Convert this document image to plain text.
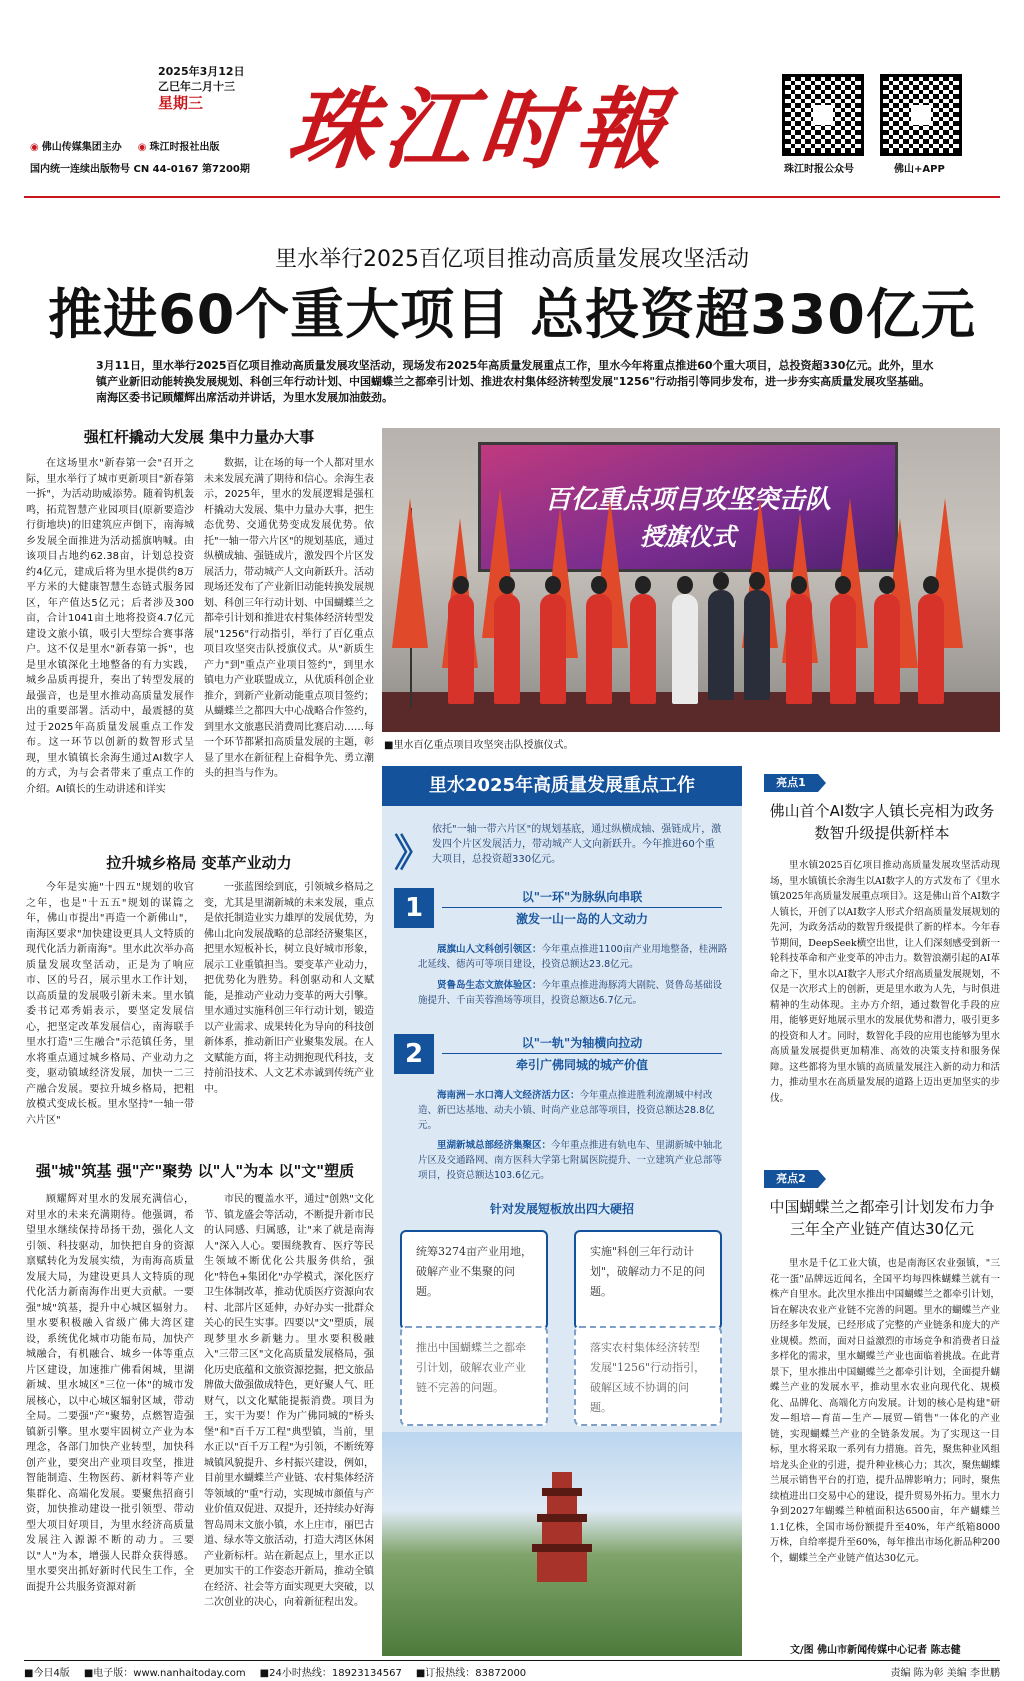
2025年3月12日
乙巳年二月十三
星期三
◉ 佛山传媒集团主办
◉	珠江时报社出版
国内统一连续出版物号 CN 44-0167 第7200期 珠江时報	珠江时报公众号	佛山+APP
里水举行2025百亿项目推动高质量发展攻坚活动
推进60个重大项目 总投资超330亿元
3月11日，里水举行2025百亿项目推动高质量发展攻坚活动，现场发布2025年高质量发展重点工作，里水今年将重点推进60个重大项目，总投资超330亿元。此外，里水镇产业新旧动能转换发展规划、科创三年行动计划、中国蝴蝶兰之都牵引计划、推进农村集体经济转型发展"1256"行动指引等同步发布，进一步夯实高质量发展攻坚基础。南海区委书记顾耀辉出席活动并讲话，为里水发展加油鼓劲。
强杠杆撬动大发展 集中力量办大事
在这场里水"新春第一会"召开之际，里水举行了城市更新项目"新春第一拆"，为活动助威添势。随着钩机轰鸣，拓荒智慧产业园项目(原新要造沙行街地块)的旧建筑应声倒下，南海城乡发展全面推进为活动摇旗呐喊。由该项目占地约62.38亩，计划总投资约4亿元，建成后将为里水提供约8万平方米的大健康智慧生态链式服务园区，年产值达5亿元；后者涉及300亩，合计1041亩土地将投资4.7亿元建设文旅小镇，吸引大型综合赛事落户。这不仅是里水"新春第一拆"，也是里水镇深化土地整备的有力实践，城乡品质再提升，奏出了转型发展的最强音，也是里水推动高质量发展作出的重要部署。活动中，最震撼的莫过于2025年高质量发展重点工作发布。这一环节以创新的数智形式呈现，里水镇镇长余海生通过AI数字人的方式，为与会者带来了重点工作的介绍。AI镇长的生动讲述和详实
数据，让在场的每一个人都对里水未来发展充满了期待和信心。余海生表示，2025年，里水的发展逻辑是强杠杆撬动大发展、集中力量办大事，把生态优势、交通优势变成发展优势。依托"一轴一带六片区"的规划基底，通过纵横成轴、强链成片，激发四个片区发展活力，带动城产人文向新跃升。活动现场还发布了产业新旧动能转换发展规划、科创三年行动计划、中国蝴蝶兰之都牵引计划和推进农村集体经济转型发展"1256"行动指引，举行了百亿重点项目攻坚突击队授旗仪式。从"新质生产力"到"重点产业项目签约"，到里水镇电力产业联盟成立，从优质科创企业推介，到新产业新动能重点项目签约；从蝴蝶兰之都四大中心战略合作签约，到里水文旅惠民消费周比赛启动……每一个环节都紧扣高质量发展的主题，彰显了里水在新征程上奋楫争先、勇立潮头的担当与作为。
拉升城乡格局 变革产业动力
今年是实施"十四五"规划的收官之年，也是"十五五"规划的谋篇之年，佛山市提出"再造一个新佛山"，南海区要求"加快建设更具人文特质的现代化活力新南海"。里水此次举办高质量发展攻坚活动，正是为了响应市、区的号召，展示里水工作计划，以高质量的发展吸引新未来。里水镇委书记邓秀娟表示，要坚定发展信心，把坚定改革发展信心，南海联手里水打造"三生融合"示范镇任务，里水将重点通过城乡格局、产业动力之变，驱动镇域经济发展，加快一二三产融合发展。要拉升城乡格局，把粗放模式变成长板。里水坚持"一轴一带六片区"
一张蓝图绘到底，引领城乡格局之变，尤其是里湖新城的未来发展，重点是依托制造业实力雄厚的发展优势，为佛山北向发展战略的总部经济聚集区，把里水短板补长，树立良好城市形象，展示工业重镇担当。要变革产业动力，把优势化为胜势。科创驱动和人文赋能，是推动产业动力变革的两大引擎。里水通过实施科创三年行动计划，锻造以产业需求、成果转化为导向的科技创新体系，推动新旧产业聚集发展。在人文赋能方面，将主动拥抱现代科技，支持前沿技术、人文艺术赤诚到传统产业中。
强"城"筑基 强"产"聚势 以"人"为本 以"文"塑质
顾耀辉对里水的发展充满信心，对里水的未来充满期待。他强调，希望里水继续保持昂扬干劲，强化人文引领、科技驱动，加快把自身的资源禀赋转化为发展实绩，为南海高质量发展大局，为建设更具人文特质的现代化活力新南海作出更大贡献。一要强"城"筑基，提升中心城区辐射力。里水要积极融入省级广佛大湾区建设，系统优化城市功能布局，加快产城融合，有机融合、城乡一体等重点片区建设，加速推广佛看闲城，里湖新城、里水城区"三位一体"的城市发展核心，以中心城区辐射区域，带动全局。二要强"产"聚势，点燃智造强镇新引擎。里水要牢固树立产业为本理念，各部门加快产业转型，加快科创产业，要突出产业项目攻坚，推进智能制造、生物医药、新材料等产业集群化、高端化发展。要聚焦招商引资，加快推动建设一批引领型、带动型大项目好项目，为里水经济高质量发展注入源源不断的动力。三要以"人"为本，增强人民群众获得感。里水要突出抓好新时代民生工作，全面提升公共服务资源对新
市民的覆盖水平，通过"创熟"文化节、镇龙盛会等活动，不断提升新市民的认同感、归属感，让"来了就是南海人"深入人心。要围绕教育、医疗等民生领域不断优化公共服务供给，强化"特色+集团化"办学模式，深化医疗卫生体制改革，推动优质医疗资源向农村、北部片区延伸，办好办实一批群众关心的民生实事。四要以"文"塑质，展现梦里水乡新魅力。里水要积极融入"三带三区"文化高质量发展格局，强化历史底蕴和文旅资源挖掘，把文旅品牌做大做强做成特色，更好聚人气、旺财气，以文化赋能提振消费。项目为王，实干为要！作为广佛同城的"桥头堡"和"百千万工程"典型镇，当前，里水正以"百千万工程"为引领，不断统筹城镇风貌提升、乡村振兴建设，例如，目前里水蝴蝶兰产业链、农村集体经济等领域的"重"行动，实现城市颜值与产业价值双促进、双提升，还持续办好海智岛周末文旅小镇，水上庄市，丽巴古道、绿水等文旅活动，打造大湾区休闲产业新标杆。站在新起点上，里水正以更加实干的工作姿态开新局，推动全镇在经济、社会等方面实现更大突破，以二次创业的决心，向着新征程出发。
百亿重点项目攻坚突击队
授旗仪式
■里水百亿重点项目攻坚突击队授旗仪式。
里水2025年高质量发展重点工作
》
依托"一轴一带六片区"的规划基底，通过纵横成轴、强链成片，激发四个片区发展活力，带动城产人文向新跃升。今年推进60个重大项目，总投资超330亿元。
1	以"一环"为脉纵向串联
激发一山一岛的人文动力
展旗山人文科创引领区：今年重点推进1100亩产业用地整备，桂洲路北延线、德芮可等项目建设，投资总额达23.8亿元。
贤鲁岛生态文旅体验区：今年重点推进海豚湾大剧院、贤鲁岛基础设施提升、千亩芙蓉渔场等项目，投资总额达6.7亿元。
2	以"一轨"为轴横向拉动
牵引广佛同城的城产价值
海南洲－水口湾人文经济活力区：今年重点推进胜利流潮城中村改造、新巴达基地、动夫小镇、时尚产业总部等项目，投资总额达28.8亿元。
里湖新城总部经济集聚区：今年重点推进有轨电车、里湖新城中轴北片区及交通路网、南方医科大学第七附属医院提升、一立建筑产业总部等项目，投资总额达103.6亿元。
针对发展短板放出四大硬招
统筹3274亩产业用地，破解产业不集聚的问题。
实施"科创三年行动计划"，破解动力不足的问题。
推出中国蝴蝶兰之都牵引计划，破解农业产业链不完善的问题。
落实农村集体经济转型发展"1256"行动指引，破解区域不协调的问题。
亮点1
佛山首个AI数字人镇长亮相为政务数智升级提供新样本
里水镇2025百亿项目推动高质量发展攻坚活动现场，里水镇镇长余海生以AI数字人的方式发布了《里水镇2025年高质量发展重点项目》。这是佛山首个AI数字人镇长，开创了以AI数字人形式介绍高质量发展规划的先河，为政务活动的数智升级提供了新的样本。今年春节期间，DeepSeek横空出世，让人们深刻感受到新一轮科技革命和产业变革的冲击力。数智浪潮引起的AI革命之下，里水以AI数字人形式介绍高质量发展规划，不仅是一次形式上的创新，更是里水敢为人先，与时俱进精神的生动体现。主办方介绍，通过数智化手段的应用，能够更好地展示里水的发展优势和潜力，吸引更多的投资和人才。同时，数智化手段的应用也能够为里水高质量发展提供更加精准、高效的决策支持和服务保障。这些都将为里水镇的高质量发展注入新的动力和活力，推动里水在高质量发展的道路上迈出更加坚实的步伐。
亮点2
中国蝴蝶兰之都牵引计划发布力争三年全产业链产值达30亿元
里水是千亿工业大镇，也是南海区农业强镇，"三花一蛋"品牌远近闻名，全国平均每四株蝴蝶兰就有一株产自里水。此次里水推出中国蝴蝶兰之都牵引计划，旨在解决农业产业链不完善的问题。里水的蝴蝶兰产业历经多年发展，已经形成了完整的产业链条和庞大的产业规模。然而，面对日益激烈的市场竞争和消费者日益多样化的需求，里水蝴蝶兰产业也面临着挑战。在此背景下，里水推出中国蝴蝶兰之都牵引计划，全面提升蝴蝶兰产业的发展水平，推动里水农业向现代化、规模化、品牌化、高端化方向发展。计划的核心是构建"研发—组培—育苗—生产—展贸—销售"一体化的产业链，实现蝴蝶兰产业的全链条发展。为了实现这一目标，里水将采取一系列有力措施。首先，聚焦种业风组培龙头企业的引进，提升种业核心力；其次，聚焦蝴蝶兰展示销售平台的打造，提升品牌影响力；同时，聚焦续植进出口交易中心的建设，提升贸易外拓力。里水力争到2027年蝴蝶兰种植面积达6500亩，年产蝴蝶兰1.1亿株，全国市场份额提升至40%，年产纸箱8000万株，自给率提升至60%，每年推出市场化新品种200个，蝴蝶兰全产业链产值达30亿元。
文/图 佛山市新闻传媒中心记者 陈志健
■今日4版 ■电子版：www.nanhaitoday.com ■24小时热线：18923134567 ■订报热线：83872000	责编 陈为彰 美编 李世鹏
